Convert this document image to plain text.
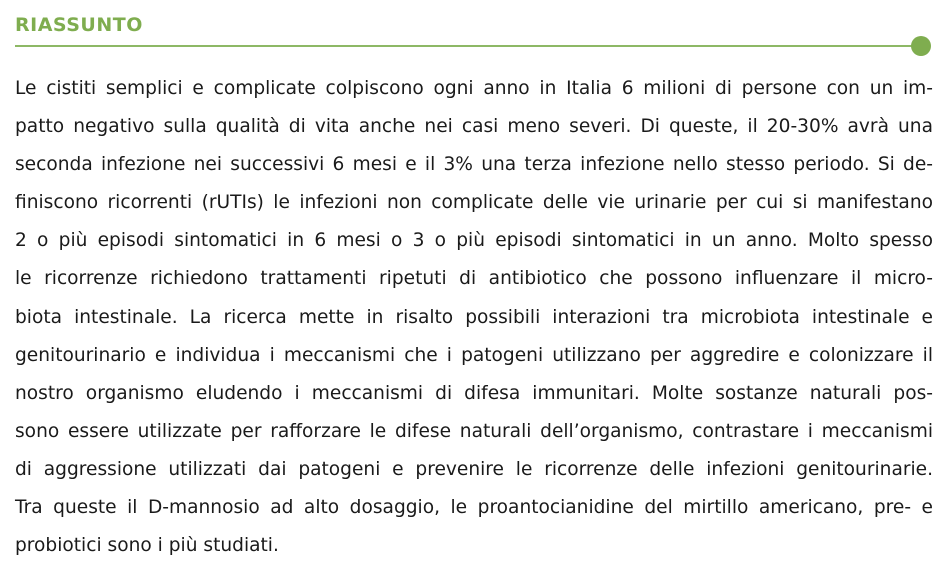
RIASSUNTO
Le cistiti semplici e complicate colpiscono ogni anno in Italia 6 milioni di persone con un im-
patto negativo sulla qualità di vita anche nei casi meno severi. Di queste, il 20-30% avrà una
seconda infezione nei successivi 6 mesi e il 3% una terza infezione nello stesso periodo. Si de-
finiscono ricorrenti (rUTIs) le infezioni non complicate delle vie urinarie per cui si manifestano
2 o più episodi sintomatici in 6 mesi o 3 o più episodi sintomatici in un anno. Molto spesso
le ricorrenze richiedono trattamenti ripetuti di antibiotico che possono influenzare il micro-
biota intestinale. La ricerca mette in risalto possibili interazioni tra microbiota intestinale e
genitourinario e individua i meccanismi che i patogeni utilizzano per aggredire e colonizzare il
nostro organismo eludendo i meccanismi di difesa immunitari. Molte sostanze naturali pos-
sono essere utilizzate per rafforzare le difese naturali dell’organismo, contrastare i meccanismi
di aggressione utilizzati dai patogeni e prevenire le ricorrenze delle infezioni genitourinarie.
Tra queste il D-mannosio ad alto dosaggio, le proantocianidine del mirtillo americano, pre- e
probiotici sono i più studiati.
